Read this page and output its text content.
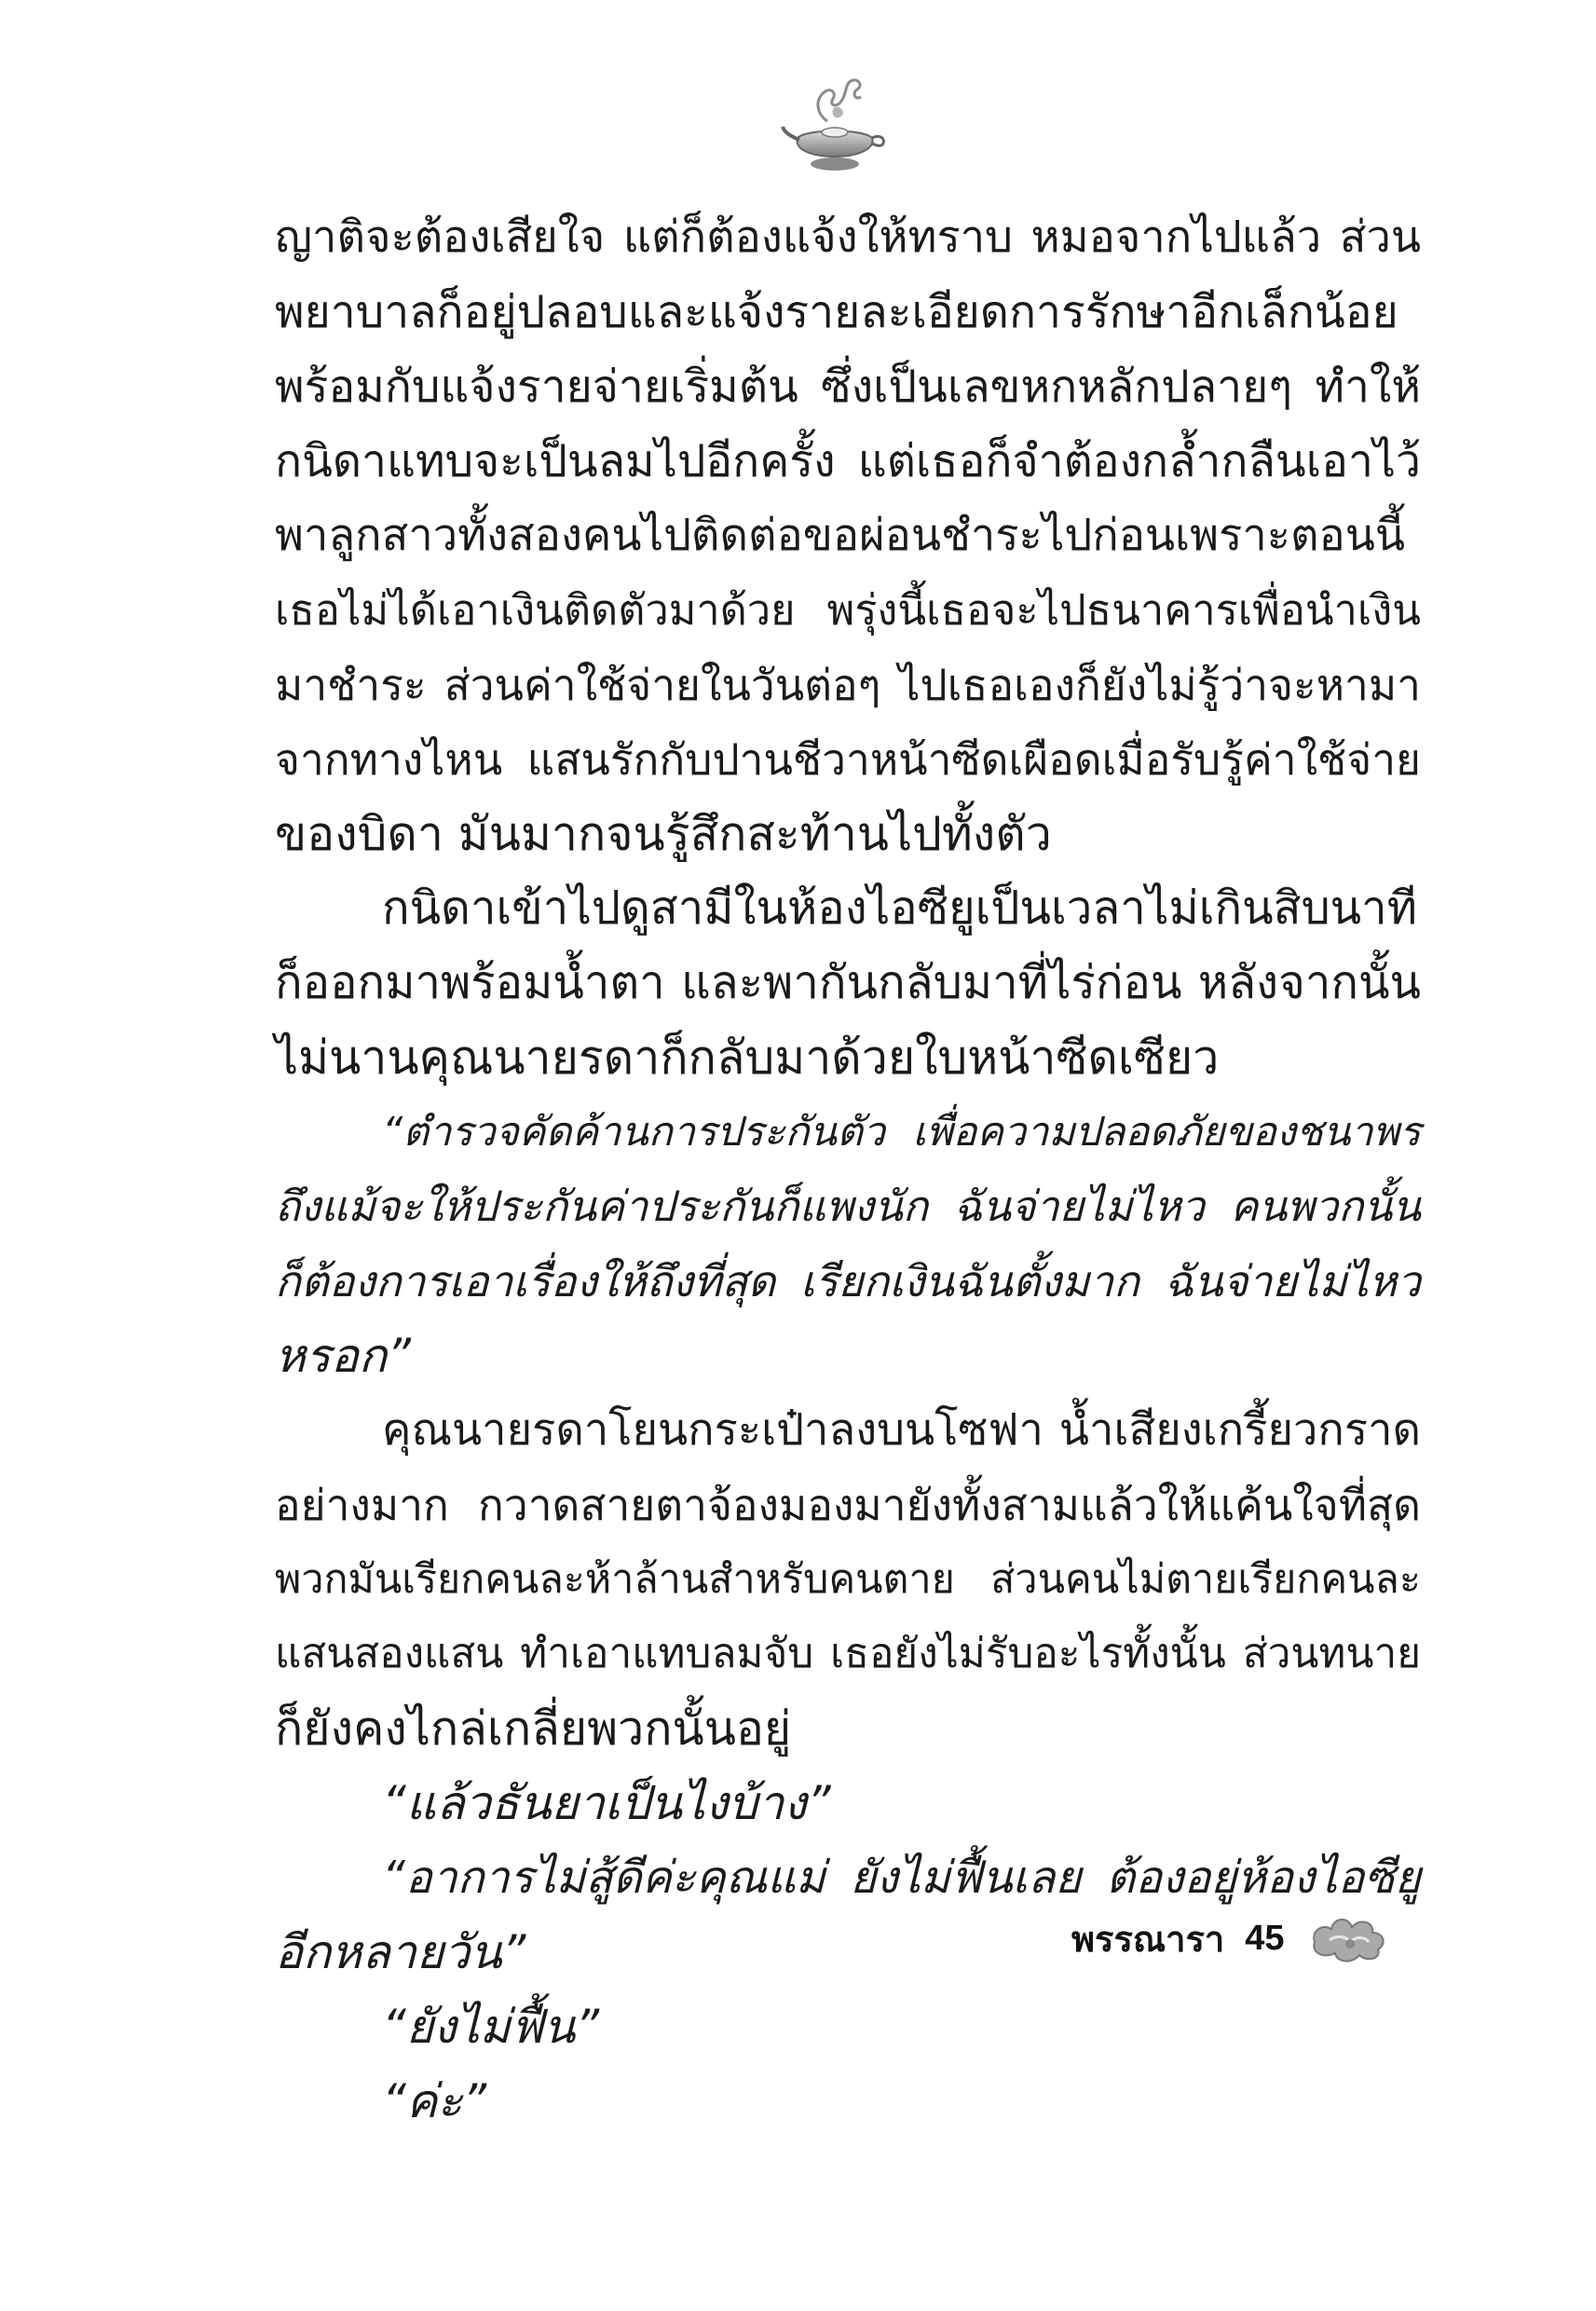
ญาติจะต้องเสียใจ แต่ก็ต้องแจ้งให้ทราบ หมอจากไปแล้ว ส่วน
พยาบาลก็อยู่ปลอบและแจ้งรายละเอียดการรักษาอีกเล็กน้อย
พร้อมกับแจ้งรายจ่ายเริ่มต้น ซึ่งเป็นเลขหกหลักปลายๆ ทำให้
กนิดาแทบจะเป็นลมไปอีกครั้ง แต่เธอก็จำต้องกล้ำกลืนเอาไว้
พาลูกสาวทั้งสองคนไปติดต่อขอผ่อนชำระไปก่อนเพราะตอนนี้
เธอไม่ได้เอาเงินติดตัวมาด้วย พรุ่งนี้เธอจะไปธนาคารเพื่อนำเงิน
มาชำระ ส่วนค่าใช้จ่ายในวันต่อๆ ไปเธอเองก็ยังไม่รู้ว่าจะหามา
จากทางไหน แสนรักกับปานชีวาหน้าซีดเผือดเมื่อรับรู้ค่าใช้จ่าย
ของบิดา มันมากจนรู้สึกสะท้านไปทั้งตัว
กนิดาเข้าไปดูสามีในห้องไอซียูเป็นเวลาไม่เกินสิบนาที
ก็ออกมาพร้อมน้ำตา และพากันกลับมาที่ไร่ก่อน หลังจากนั้น
ไม่นานคุณนายรดาก็กลับมาด้วยใบหน้าซีดเซียว
“ตำรวจคัดค้านการประกันตัว เพื่อความปลอดภัยของชนาพร
ถึงแม้จะให้ประกันค่าประกันก็แพงนัก ฉันจ่ายไม่ไหว คนพวกนั้น
ก็ต้องการเอาเรื่องให้ถึงที่สุด เรียกเงินฉันตั้งมาก ฉันจ่ายไม่ไหว
หรอก”
คุณนายรดาโยนกระเป๋าลงบนโซฟา น้ำเสียงเกรี้ยวกราด
อย่างมาก กวาดสายตาจ้องมองมายังทั้งสามแล้วให้แค้นใจที่สุด
พวกมันเรียกคนละห้าล้านสำหรับคนตาย ส่วนคนไม่ตายเรียกคนละ
แสนสองแสน ทำเอาแทบลมจับ เธอยังไม่รับอะไรทั้งนั้น ส่วนทนาย
ก็ยังคงไกล่เกลี่ยพวกนั้นอยู่
“แล้วธันยาเป็นไงบ้าง”
“อาการไม่สู้ดีค่ะคุณแม่ ยังไม่ฟื้นเลย ต้องอยู่ห้องไอซียู
อีกหลายวัน”
“ยังไม่ฟื้น”
“ค่ะ”
พรรณารา 45
